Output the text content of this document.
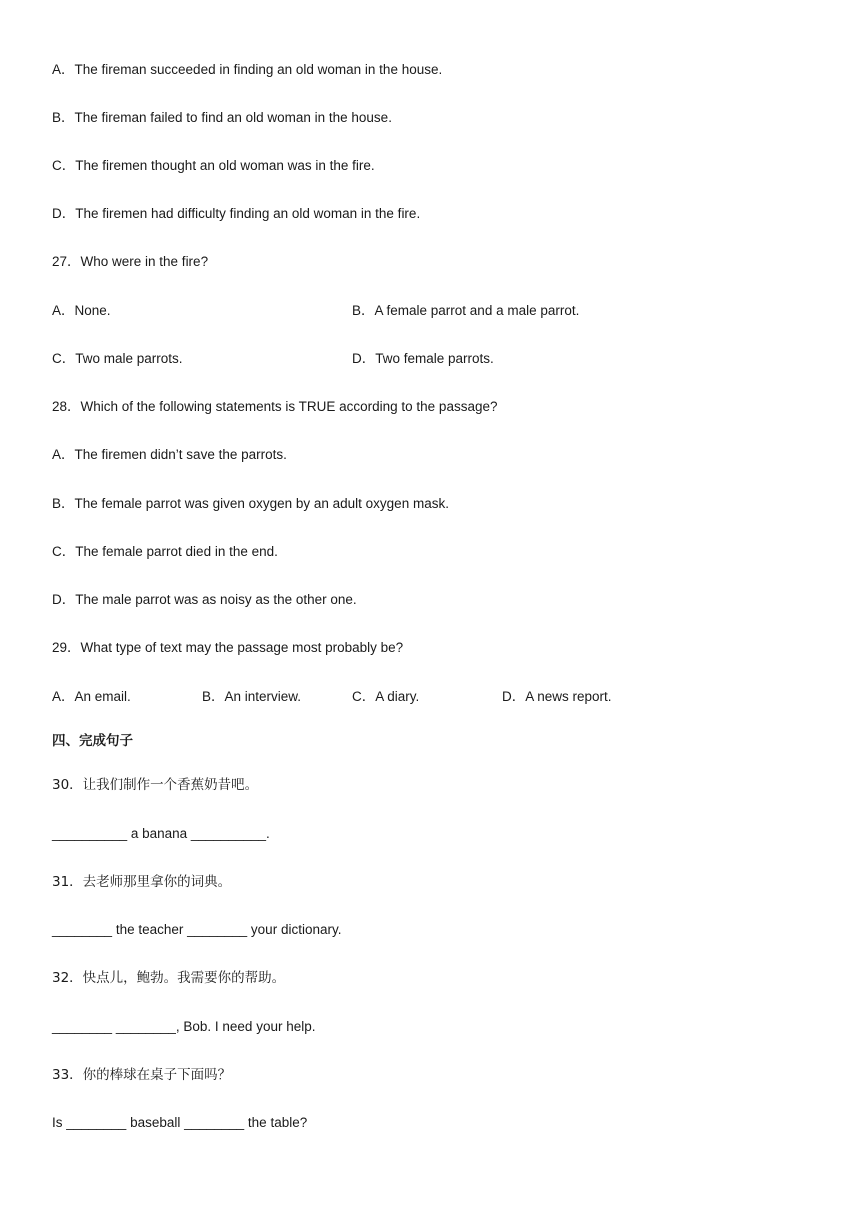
A．The fireman succeeded in finding an old woman in the house.
B．The fireman failed to find an old woman in the house.
C．The firemen thought an old woman was in the fire.
D．The firemen had difficulty finding an old woman in the fire.
27．Who were in the fire?
A．None.	B．A female parrot and a male parrot.
C．Two male parrots.	D．Two female parrots.
28．Which of the following statements is TRUE according to the passage?
A．The firemen didn’t save the parrots.
B．The female parrot was given oxygen by an adult oxygen mask.
C．The female parrot died in the end.
D．The male parrot was as noisy as the other one.
29．What type of text may the passage most probably be?
A．An email.	B．An interview.	C．A diary.	D．A news report.
四、完成句子
30．让我们制作一个香蕉奶昔吧。
__________ a banana __________.
31．去老师那里拿你的词典。
________ the teacher ________ your dictionary.
32．快点儿，鲍勃。我需要你的帮助。
________ ________, Bob. I need your help.
33．你的棒球在桌子下面吗？
Is ________ baseball ________ the table?
